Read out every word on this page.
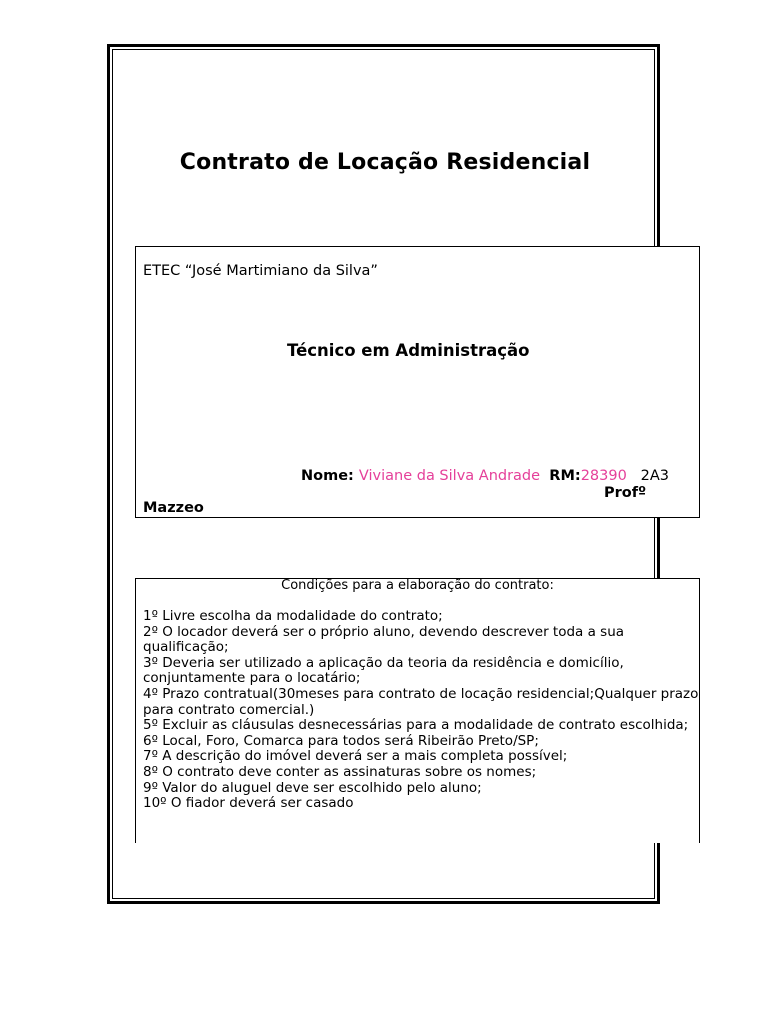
Contrato de Locação Residencial
ETEC “José Martimiano da Silva”
Técnico em Administração
Nome: Viviane da Silva Andrade RM:28390 2A3
Profº
Mazzeo
Condições para a elaboração do contrato:
1º Livre escolha da modalidade do contrato;
2º O locador deverá ser o próprio aluno, devendo descrever toda a sua qualificação;
3º Deveria ser utilizado a aplicação da teoria da residência e domicílio, conjuntamente para o locatário;
4º Prazo contratual(30meses para contrato de locação residencial;Qualquer prazo para contrato comercial.)
5º Excluir as cláusulas desnecessárias para a modalidade de contrato escolhida;
6º Local, Foro, Comarca para todos será Ribeirão Preto/SP;
7º A descrição do imóvel deverá ser a mais completa possível;
8º O contrato deve conter as assinaturas sobre os nomes;
9º Valor do aluguel deve ser escolhido pelo aluno;
10º O fiador deverá ser casado
